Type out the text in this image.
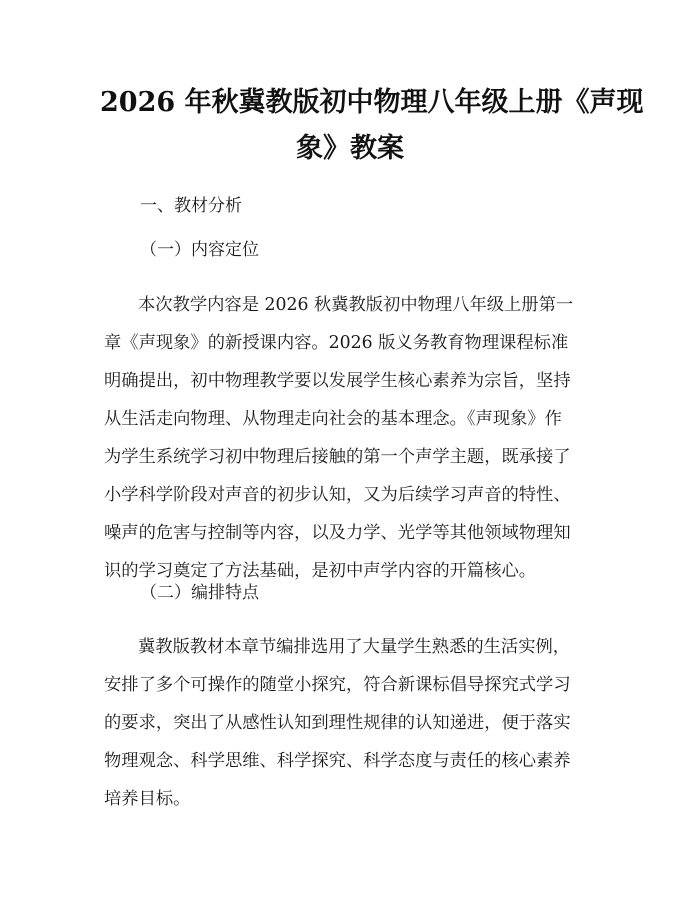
2026 年秋冀教版初中物理八年级上册《声现
象》教案
一、教材分析
（一）内容定位
本次教学内容是 2026 秋冀教版初中物理八年级上册第一
章《声现象》的新授课内容。2026 版义务教育物理课程标准
明确提出，初中物理教学要以发展学生核心素养为宗旨，坚持
从生活走向物理、从物理走向社会的基本理念。《声现象》作
为学生系统学习初中物理后接触的第一个声学主题，既承接了
小学科学阶段对声音的初步认知，又为后续学习声音的特性、
噪声的危害与控制等内容，以及力学、光学等其他领域物理知
识的学习奠定了方法基础，是初中声学内容的开篇核心。
（二）编排特点
冀教版教材本章节编排选用了大量学生熟悉的生活实例，
安排了多个可操作的随堂小探究，符合新课标倡导探究式学习
的要求，突出了从感性认知到理性规律的认知递进，便于落实
物理观念、科学思维、科学探究、科学态度与责任的核心素养
培养目标。
